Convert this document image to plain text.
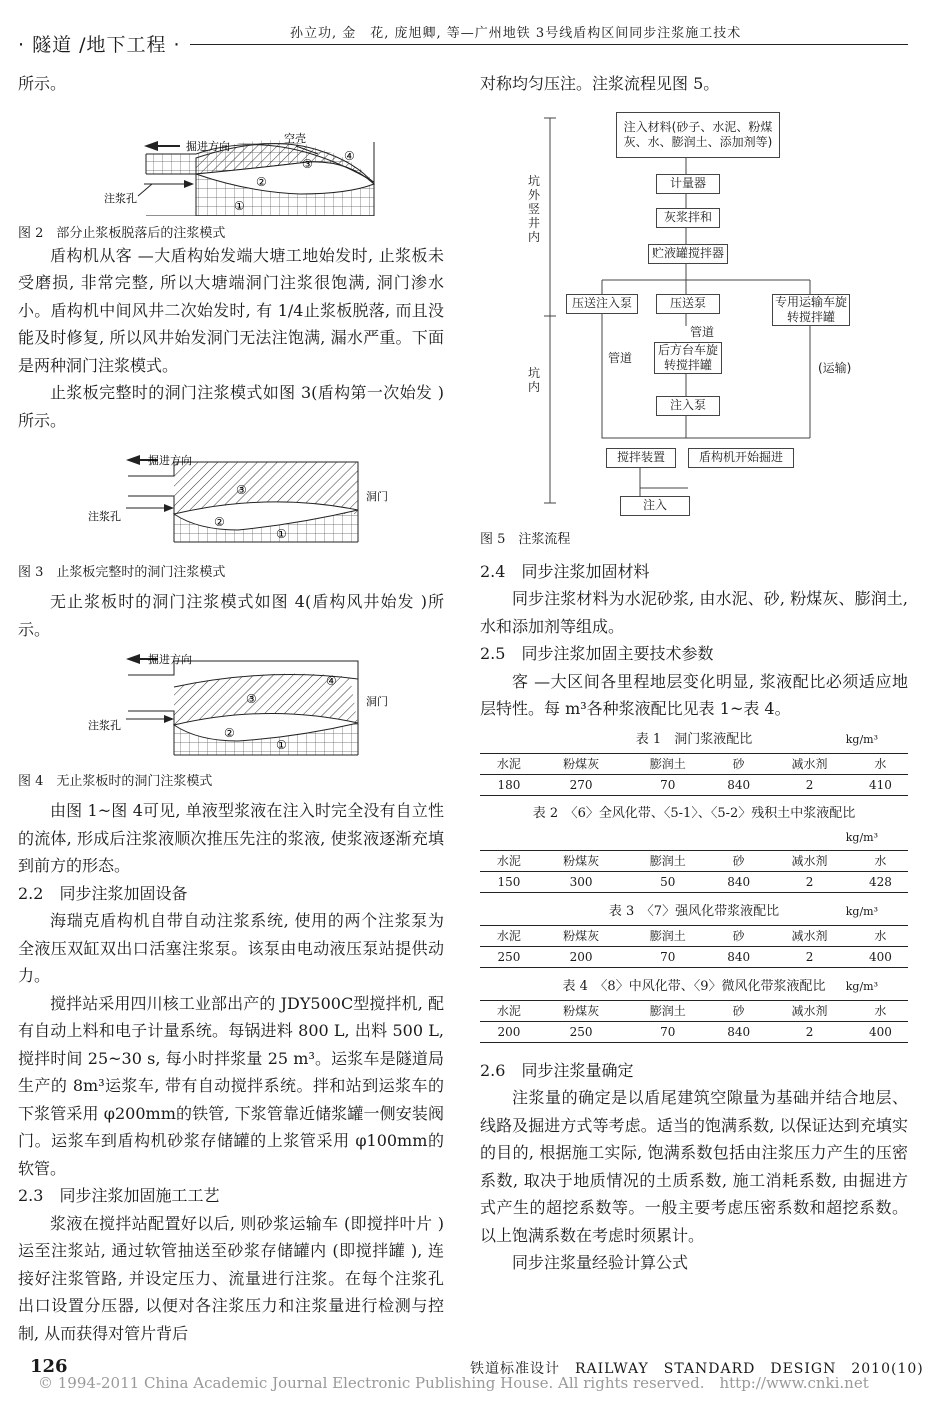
· 隧道 /地下工程 ·
孙立功, 金　花, 庞旭卿, 等—广州地铁 3号线盾构区间同步注浆施工技术

所示。

掘进方向
注浆孔
空壳
①
②
③
④

图 2　部分止浆板脱落后的注浆模式

盾构机从客 —大盾构始发端大塘工地始发时, 止浆板未受磨损, 非常完整, 所以大塘端洞门注浆很饱满, 洞门渗水小。盾构机中间风井二次始发时, 有 1/4止浆板脱落, 而且没能及时修复, 所以风井始发洞门无法注饱满, 漏水严重。下面是两种洞门注浆模式。

止浆板完整时的洞门注浆模式如图 3(盾构第一次始发 )所示。

掘进方向
注浆孔
洞门
①
②
③

图 3　止浆板完整时的洞门注浆模式

无止浆板时的洞门注浆模式如图 4(盾构风井始发 )所示。

掘进方向
注浆孔
洞门
①
②
③
④

图 4　无止浆板时的洞门注浆模式

由图 1~图 4可见, 单液型浆液在注入时完全没有自立性的流体, 形成后注浆液顺次推压先注的浆液, 使浆液逐渐充填到前方的形态。

2.2　同步注浆加固设备

海瑞克盾构机自带自动注浆系统, 使用的两个注浆泵为全液压双缸双出口活塞注浆泵。该泵由电动液压泵站提供动力。

搅拌站采用四川核工业部出产的 JDY500C型搅拌机, 配有自动上料和电子计量系统。每锅进料 800 L, 出料 500 L, 搅拌时间 25~30 s, 每小时拌浆量 25 m³。运浆车是隧道局生产的 8m³运浆车, 带有自动搅拌系统。拌和站到运浆车的下浆管采用 φ200mm的铁管, 下浆管靠近储浆罐一侧安装阀门。运浆车到盾构机砂浆存储罐的上浆管采用 φ100mm的软管。

2.3　同步注浆加固施工工艺

浆液在搅拌站配置好以后, 则砂浆运输车 (即搅拌叶片 )运至注浆站, 通过软管抽送至砂浆存储罐内 (即搅拌罐 ), 连接好注浆管路, 并设定压力、流量进行注浆。在每个注浆孔出口设置分压器, 以便对各注浆压力和注浆量进行检测与控制, 从而获得对管片背后

对称均匀压注。注浆流程见图 5。

坑外竖井内
坑内
注入材料(砂子、水泥、粉煤灰、水、膨润土、添加剂等)
计量器
灰浆拌和
贮液罐搅拌器
压送注入泵	压送泵	专用运输车旋转搅拌罐
管道
管道
(运输)
后方台车旋转搅拌罐
注入泵
搅拌装置	盾构机开始掘进
注入

图 5　注浆流程

2.4　同步注浆加固材料

同步注浆材料为水泥砂浆, 由水泥、砂, 粉煤灰、膨润土, 水和添加剂等组成。

2.5　同步注浆加固主要技术参数

客 —大区间各里程地层变化明显, 浆液配比必须适应地层特性。每 m³各种浆液配比见表 1~表 4。

表 1　洞门浆液配比	kg/m³
水泥	粉煤灰	膨润土	砂	减水剂	水
180	270	70	840	2	410
表 2　〈6〉全风化带、〈5-1〉、〈5-2〉残积土中浆液配比

kg/m³
水泥	粉煤灰	膨润土	砂	减水剂	水
150	300	50	840	2	428
表 3　〈7〉强风化带浆液配比	kg/m³
水泥	粉煤灰	膨润土	砂	减水剂	水
250	200	70	840	2	400
表 4　〈8〉中风化带、〈9〉微风化带浆液配比 kg/m³
水泥	粉煤灰	膨润土	砂	减水剂	水
200	250	70	840	2	400

2.6　同步注浆量确定

注浆量的确定是以盾尾建筑空隙量为基础并结合地层、线路及掘进方式等考虑。适当的饱满系数, 以保证达到充填实的目的, 根据施工实际, 饱满系数包括由注浆压力产生的压密系数, 取决于地质情况的土质系数, 施工消耗系数, 由掘进方式产生的超挖系数等。一般主要考虑压密系数和超挖系数。以上饱满系数在考虑时须累计。

同步注浆量经验计算公式

126	铁道标准设计　RAILWAY　STANDARD　DESIGN　2010(10)
© 1994-2011 China Academic Journal Electronic Publishing House. All rights reserved.　http://www.cnki.net
